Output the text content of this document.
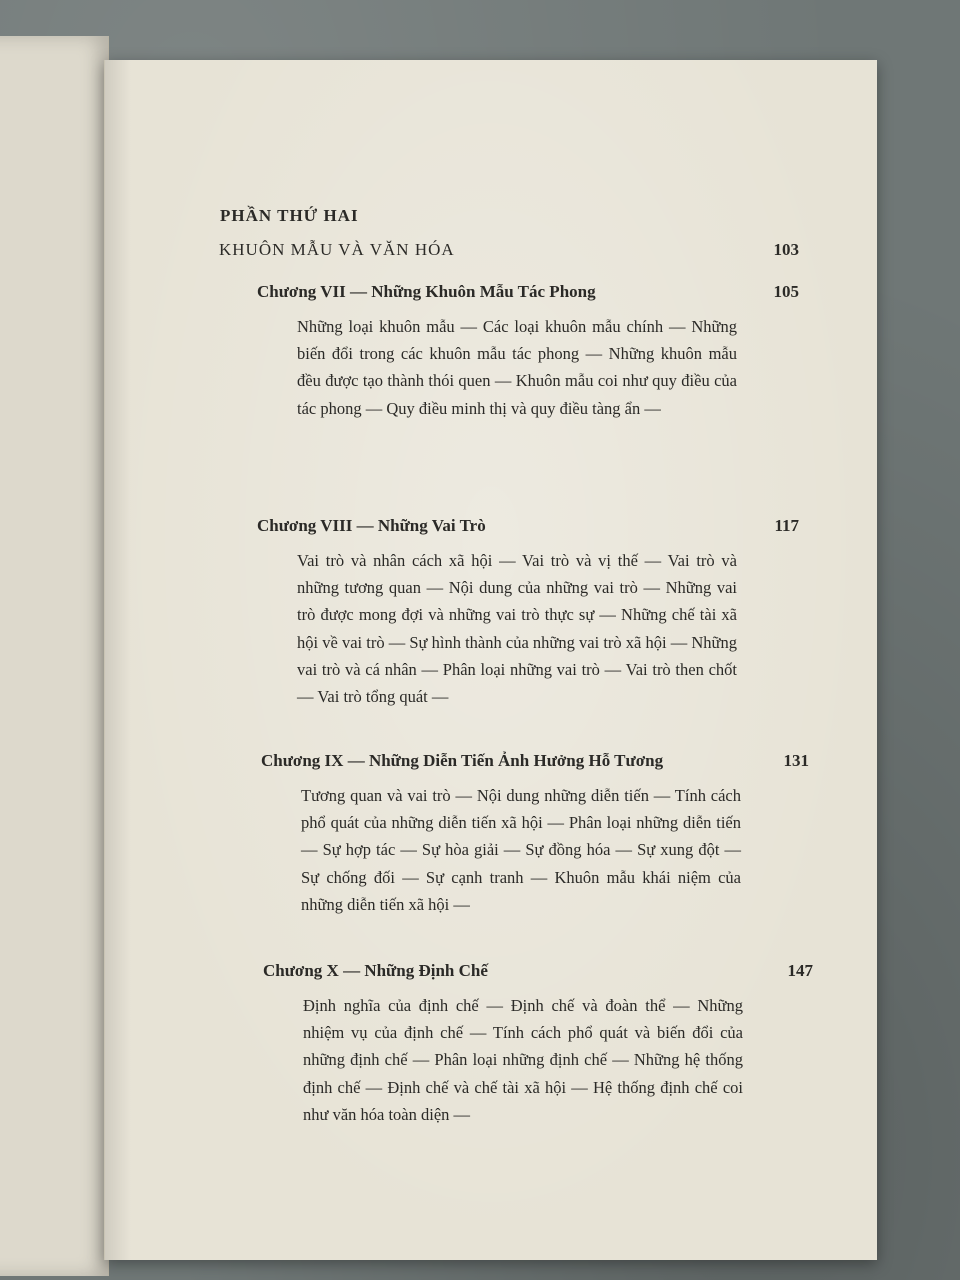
PHẦN THỨ HAI
KHUÔN MẪU VÀ VĂN HÓA	103
Chương VII — Những Khuôn Mẫu Tác Phong	105
Những loại khuôn mẫu — Các loại khuôn mẫu chính — Những biến đổi trong các khuôn mẫu tác phong — Những khuôn mẫu đều được tạo thành thói quen — Khuôn mẫu coi như quy điều của tác phong — Quy điều minh thị và quy điều tàng ẩn —
Chương VIII — Những Vai Trò	117
Vai trò và nhân cách xã hội — Vai trò và vị thế — Vai trò và những tương quan — Nội dung của những vai trò — Những vai trò được mong đợi và những vai trò thực sự — Những chế tài xã hội về vai trò — Sự hình thành của những vai trò xã hội — Những vai trò và cá nhân — Phân loại những vai trò — Vai trò then chốt — Vai trò tổng quát —
Chương IX — Những Diễn Tiến Ảnh Hưởng Hỗ Tương	131
Tương quan và vai trò — Nội dung những diễn tiến — Tính cách phổ quát của những diễn tiến xã hội — Phân loại những diễn tiến — Sự hợp tác — Sự hòa giải — Sự đồng hóa — Sự xung đột — Sự chống đối — Sự cạnh tranh — Khuôn mẫu khái niệm của những diễn tiến xã hội —
Chương X — Những Định Chế	147
Định nghĩa của định chế — Định chế và đoàn thể — Những nhiệm vụ của định chế — Tính cách phổ quát và biến đổi của những định chế — Phân loại những định chế — Những hệ thống định chế — Định chế và chế tài xã hội — Hệ thống định chế coi như văn hóa toàn diện —
